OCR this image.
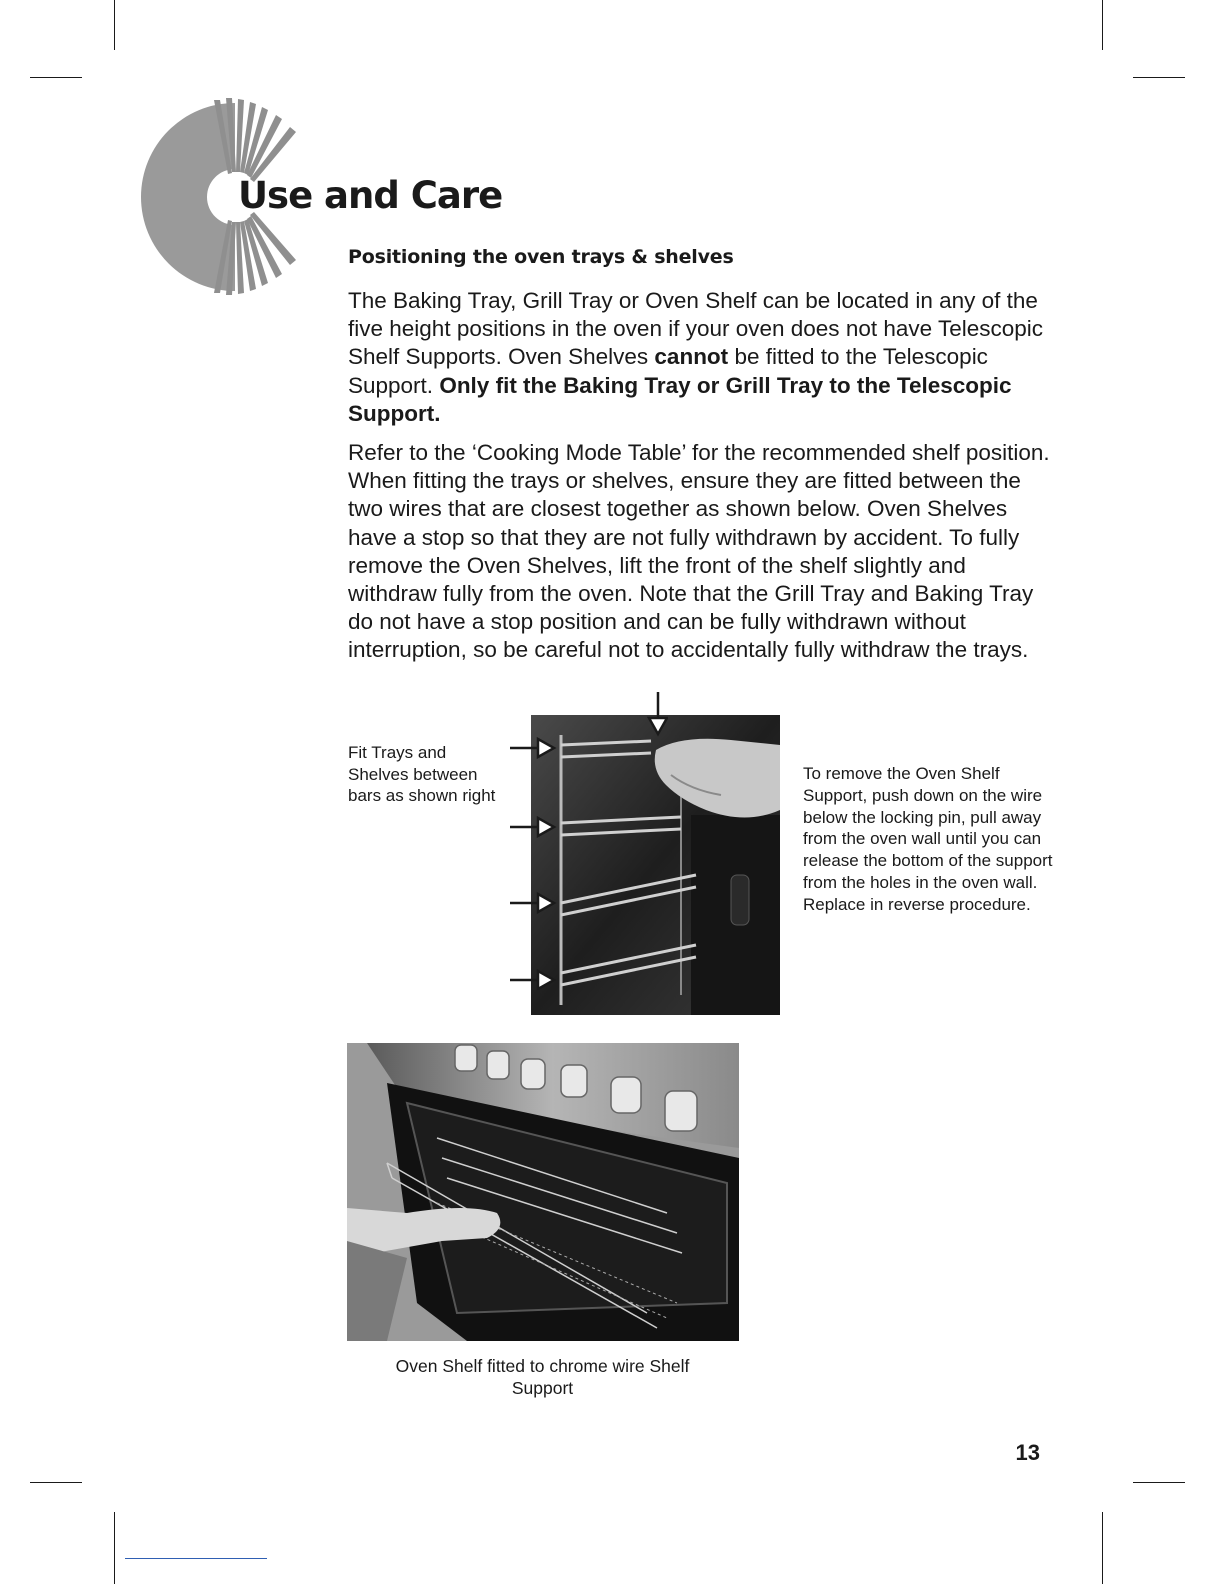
Use and Care
Positioning the oven trays & shelves

The Baking Tray, Grill Tray or Oven Shelf can be located in any of the five height positions in the oven if your oven does not have Telescopic Shelf Supports. Oven Shelves cannot be fitted to the Telescopic Support. Only fit the Baking Tray or Grill Tray to the Telescopic Support.

Refer to the ‘Cooking Mode Table’ for the recommended shelf position. When fitting the trays or shelves, ensure they are fitted between the two wires that are closest together as shown below. Oven Shelves have a stop so that they are not fully withdrawn by accident. To fully remove the Oven Shelves, lift the front of the shelf slightly and withdraw fully from the oven. Note that the Grill Tray and Baking Tray do not have a stop position and can be fully withdrawn without interruption, so be careful not to accidentally fully withdraw the trays.

Fit Trays and Shelves between bars as shown right

To remove the Oven Shelf Support, push down on the wire below the locking pin, pull away from the oven wall until you can release the bottom of the support from the holes in the oven wall. Replace in reverse procedure.

Oven Shelf fitted to chrome wire Shelf Support

13
